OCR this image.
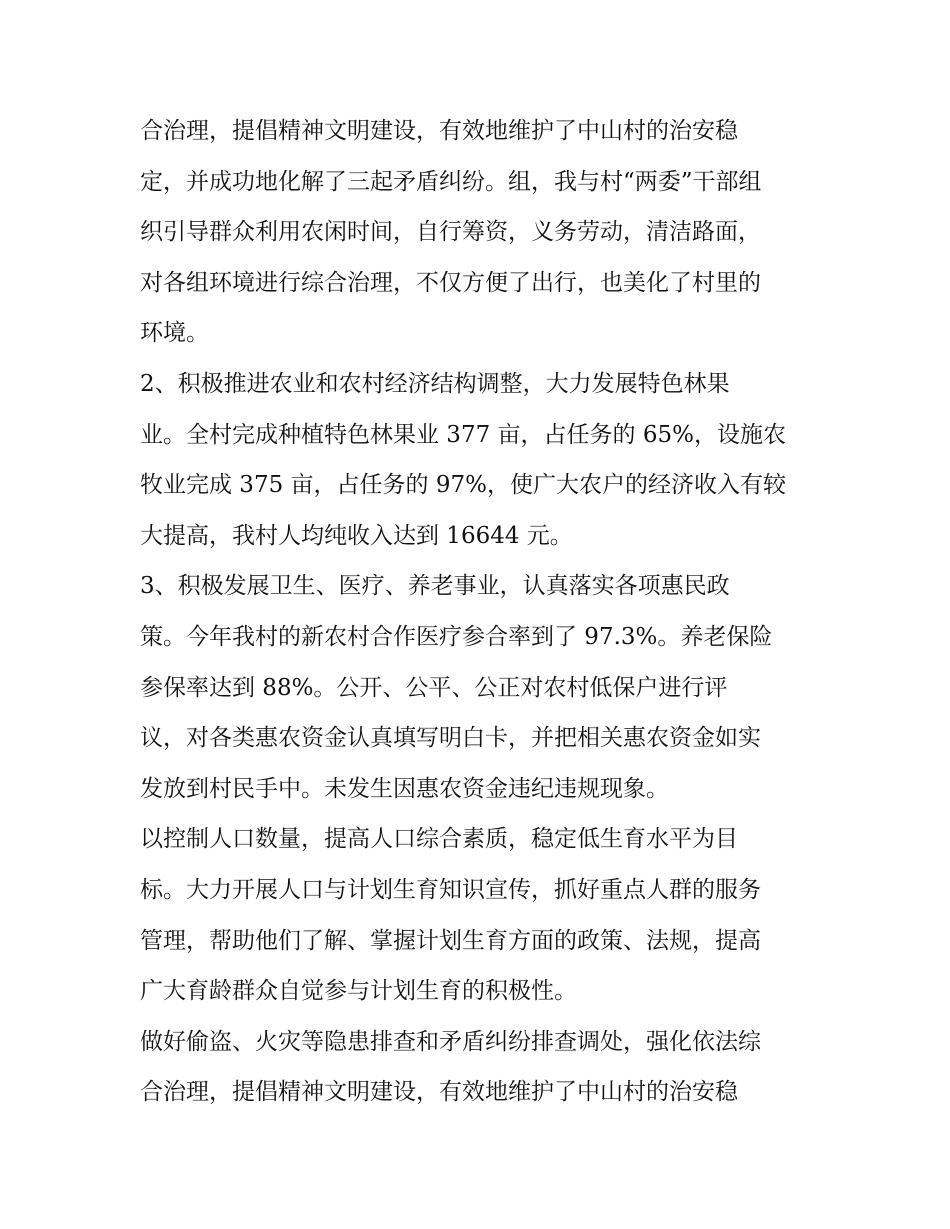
合治理，提倡精神文明建设，有效地维护了中山村的治安稳
定，并成功地化解了三起矛盾纠纷。组，我与村“两委”干部组
织引导群众利用农闲时间，自行筹资，义务劳动，清洁路面，
对各组环境进行综合治理，不仅方便了出行，也美化了村里的
环境。
2、积极推进农业和农村经济结构调整，大力发展特色林果
业。全村完成种植特色林果业 377 亩，占任务的 65%，设施农
牧业完成 375 亩，占任务的 97%，使广大农户的经济收入有较
大提高，我村人均纯收入达到 16644 元。
3、积极发展卫生、医疗、养老事业，认真落实各项惠民政
策。今年我村的新农村合作医疗参合率到了 97.3%。养老保险
参保率达到 88%。公开、公平、公正对农村低保户进行评
议，对各类惠农资金认真填写明白卡，并把相关惠农资金如实
发放到村民手中。未发生因惠农资金违纪违规现象。
以控制人口数量，提高人口综合素质，稳定低生育水平为目
标。大力开展人口与计划生育知识宣传，抓好重点人群的服务
管理，帮助他们了解、掌握计划生育方面的政策、法规，提高
广大育龄群众自觉参与计划生育的积极性。
做好偷盗、火灾等隐患排查和矛盾纠纷排查调处，强化依法综
合治理，提倡精神文明建设，有效地维护了中山村的治安稳
